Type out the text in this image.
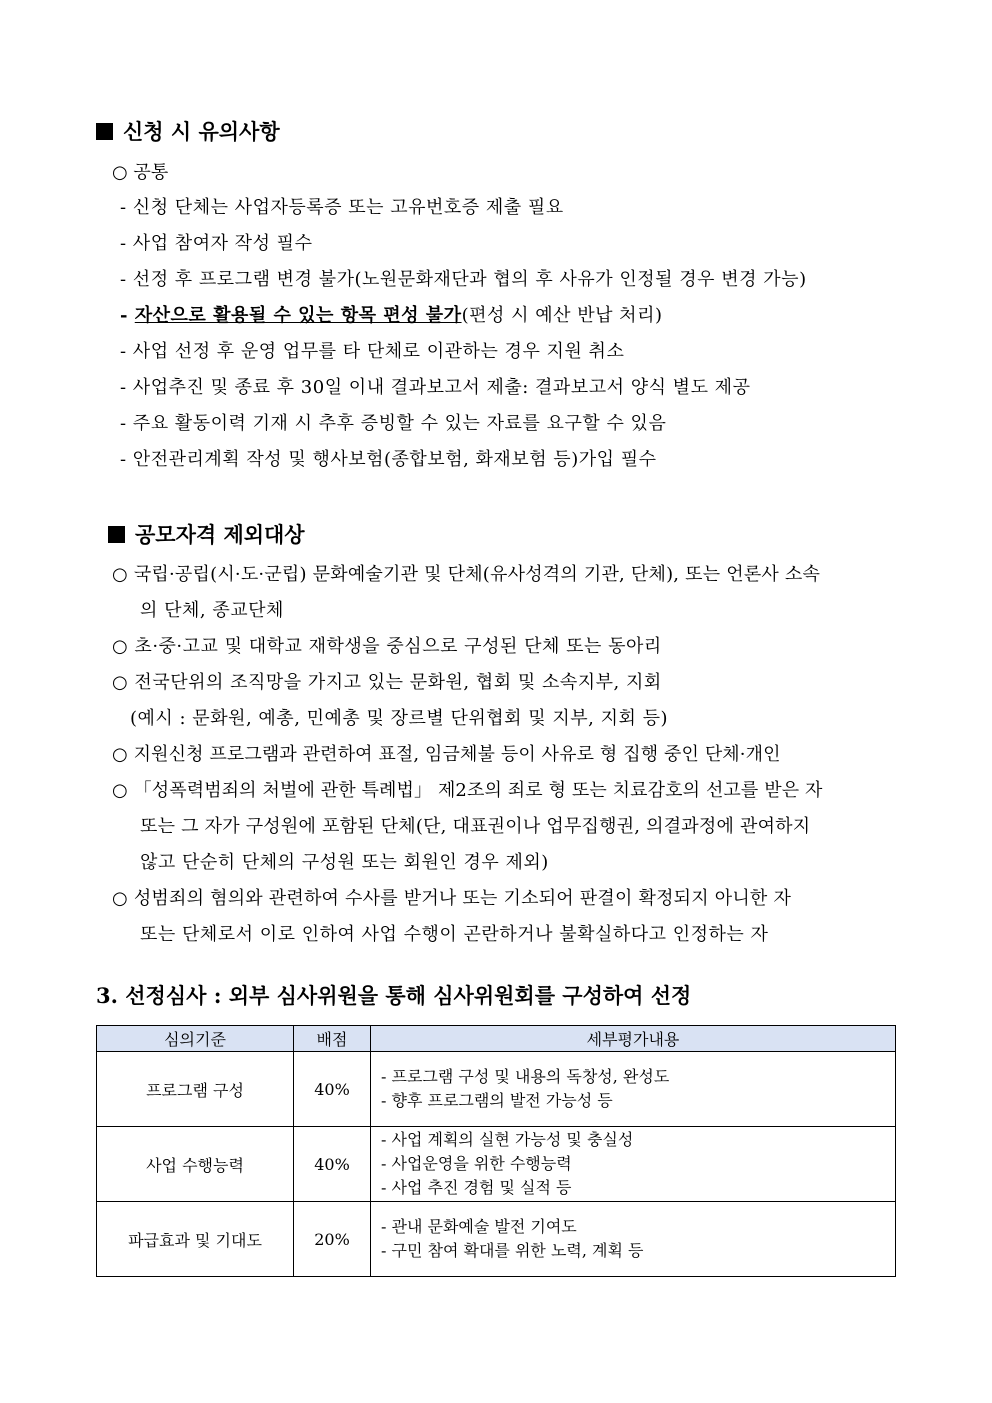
신청 시 유의사항
○ 공통
- 신청 단체는 사업자등록증 또는 고유번호증 제출 필요
- 사업 참여자 작성 필수
- 선정 후 프로그램 변경 불가(노원문화재단과 협의 후 사유가 인정될 경우 변경 가능)
- 자산으로 활용될 수 있는 항목 편성 불가(편성 시 예산 반납 처리)
- 사업 선정 후 운영 업무를 타 단체로 이관하는 경우 지원 취소
- 사업추진 및 종료 후 30일 이내 결과보고서 제출: 결과보고서 양식 별도 제공
- 주요 활동이력 기재 시 추후 증빙할 수 있는 자료를 요구할 수 있음
- 안전관리계획 작성 및 행사보험(종합보험, 화재보험 등)가입 필수
공모자격 제외대상
○ 국립·공립(시·도·군립) 문화예술기관 및 단체(유사성격의 기관, 단체), 또는 언론사 소속
의 단체, 종교단체
○ 초·중·고교 및 대학교 재학생을 중심으로 구성된 단체 또는 동아리
○ 전국단위의 조직망을 가지고 있는 문화원, 협회 및 소속지부, 지회
(예시 : 문화원, 예총, 민예총 및 장르별 단위협회 및 지부, 지회 등)
○ 지원신청 프로그램과 관련하여 표절, 임금체불 등이 사유로 형 집행 중인 단체·개인
○ 「성폭력범죄의 처벌에 관한 특례법」 제2조의 죄로 형 또는 치료감호의 선고를 받은 자
또는 그 자가 구성원에 포함된 단체(단, 대표권이나 업무집행권, 의결과정에 관여하지
않고 단순히 단체의 구성원 또는 회원인 경우 제외)
○ 성범죄의 혐의와 관련하여 수사를 받거나 또는 기소되어 판결이 확정되지 아니한 자
또는 단체로서 이로 인하여 사업 수행이 곤란하거나 불확실하다고 인정하는 자
3. 선정심사 : 외부 심사위원을 통해 심사위원회를 구성하여 선정
심의기준	배점	세부평가내용
프로그램 구성	40%	- 프로그램 구성 및 내용의 독창성, 완성도
- 향후 프로그램의 발전 가능성 등

사업 수행능력	40%	- 사업 계획의 실현 가능성 및 충실성
- 사업운영을 위한 수행능력
- 사업 추진 경험 및 실적 등

파급효과 및 기대도	20%	- 관내 문화예술 발전 기여도
- 구민 참여 확대를 위한 노력, 계획 등
